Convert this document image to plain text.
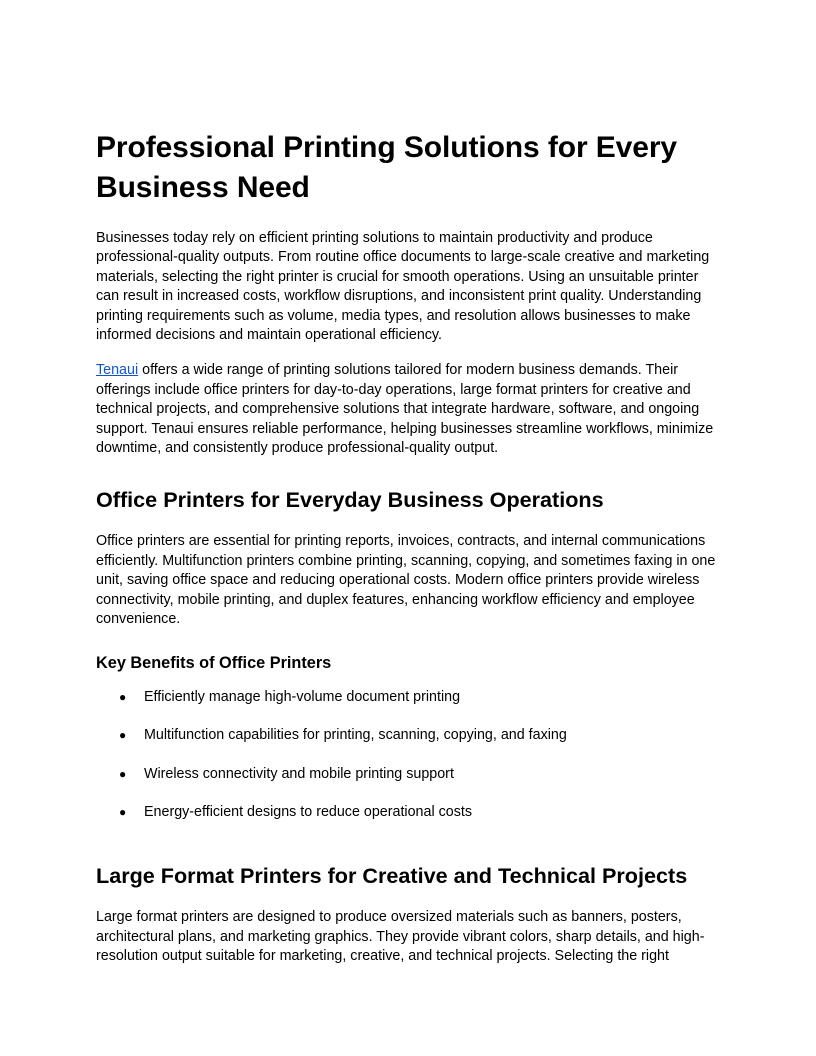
Professional Printing Solutions for Every Business Need

Businesses today rely on efficient printing solutions to maintain productivity and produce professional-quality outputs. From routine office documents to large-scale creative and marketing materials, selecting the right printer is crucial for smooth operations. Using an unsuitable printer can result in increased costs, workflow disruptions, and inconsistent print quality. Understanding printing requirements such as volume, media types, and resolution allows businesses to make informed decisions and maintain operational efficiency.

Tenaui offers a wide range of printing solutions tailored for modern business demands. Their offerings include office printers for day-to-day operations, large format printers for creative and technical projects, and comprehensive solutions that integrate hardware, software, and ongoing support. Tenaui ensures reliable performance, helping businesses streamline workflows, minimize downtime, and consistently produce professional-quality output.

Office Printers for Everyday Business Operations

Office printers are essential for printing reports, invoices, contracts, and internal communications efficiently. Multifunction printers combine printing, scanning, copying, and sometimes faxing in one unit, saving office space and reducing operational costs. Modern office printers provide wireless connectivity, mobile printing, and duplex features, enhancing workflow efficiency and employee convenience.

Key Benefits of Office Printers
● Efficiently manage high-volume document printing
● Multifunction capabilities for printing, scanning, copying, and faxing
● Wireless connectivity and mobile printing support
● Energy-efficient designs to reduce operational costs
Large Format Printers for Creative and Technical Projects

Large format printers are designed to produce oversized materials such as banners, posters, architectural plans, and marketing graphics. They provide vibrant colors, sharp details, and high-resolution output suitable for marketing, creative, and technical projects. Selecting the right
